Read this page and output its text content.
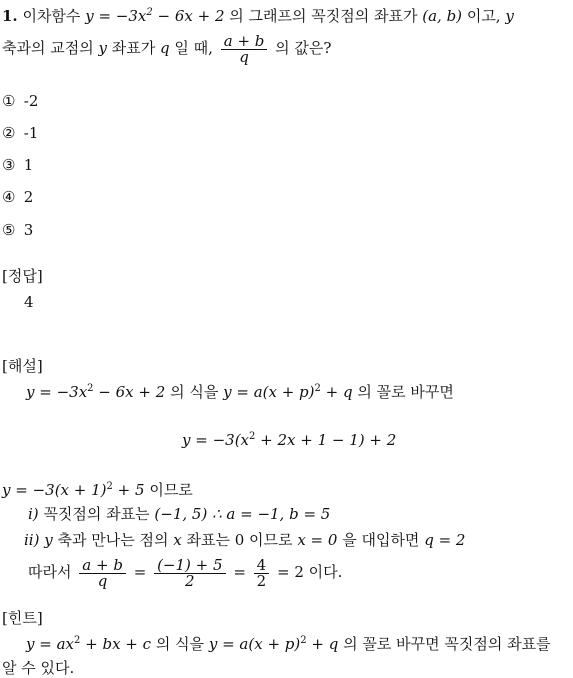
1. 이차함수 $y = -3x^2 - 6x + 2$ 의 그래프의 꼭짓점의 좌표가 (a, b) 이고, y
축과의 교점의 y 좌표가 q 일 때, $\frac{a + b}{q}$ 의 값은?
① -2
② -1
③ 1
④ 2
⑤ 3
[정답]
4
[해설]
$y = -3x^2 - 6x + 2$ 의 식을 $y = a(x + p)^2 + q$ 의 꼴로 바꾸면
$y = -3(x^2 + 2x + 1 - 1) + 2$
$y = -3(x + 1)^2 + 5$ 이므로
i) 꼭짓점의 좌표는 (−1, 5) ∴ a = −1, b = 5
ii) y 축과 만나는 점의 x 좌표는 0 이므로 x = 0 을 대입하면 q = 2
따라서 $\frac{a + b}{q} = \frac{(-1) + 5}{2} = \frac{4}{2} = 2$ 이다.
[힌트]
$y = ax^2$ + bx + c 의 식을 $y = a(x + p)^2 + q$ 의 꼴로 바꾸면 꼭짓점의 좌표를
알 수 있다.
